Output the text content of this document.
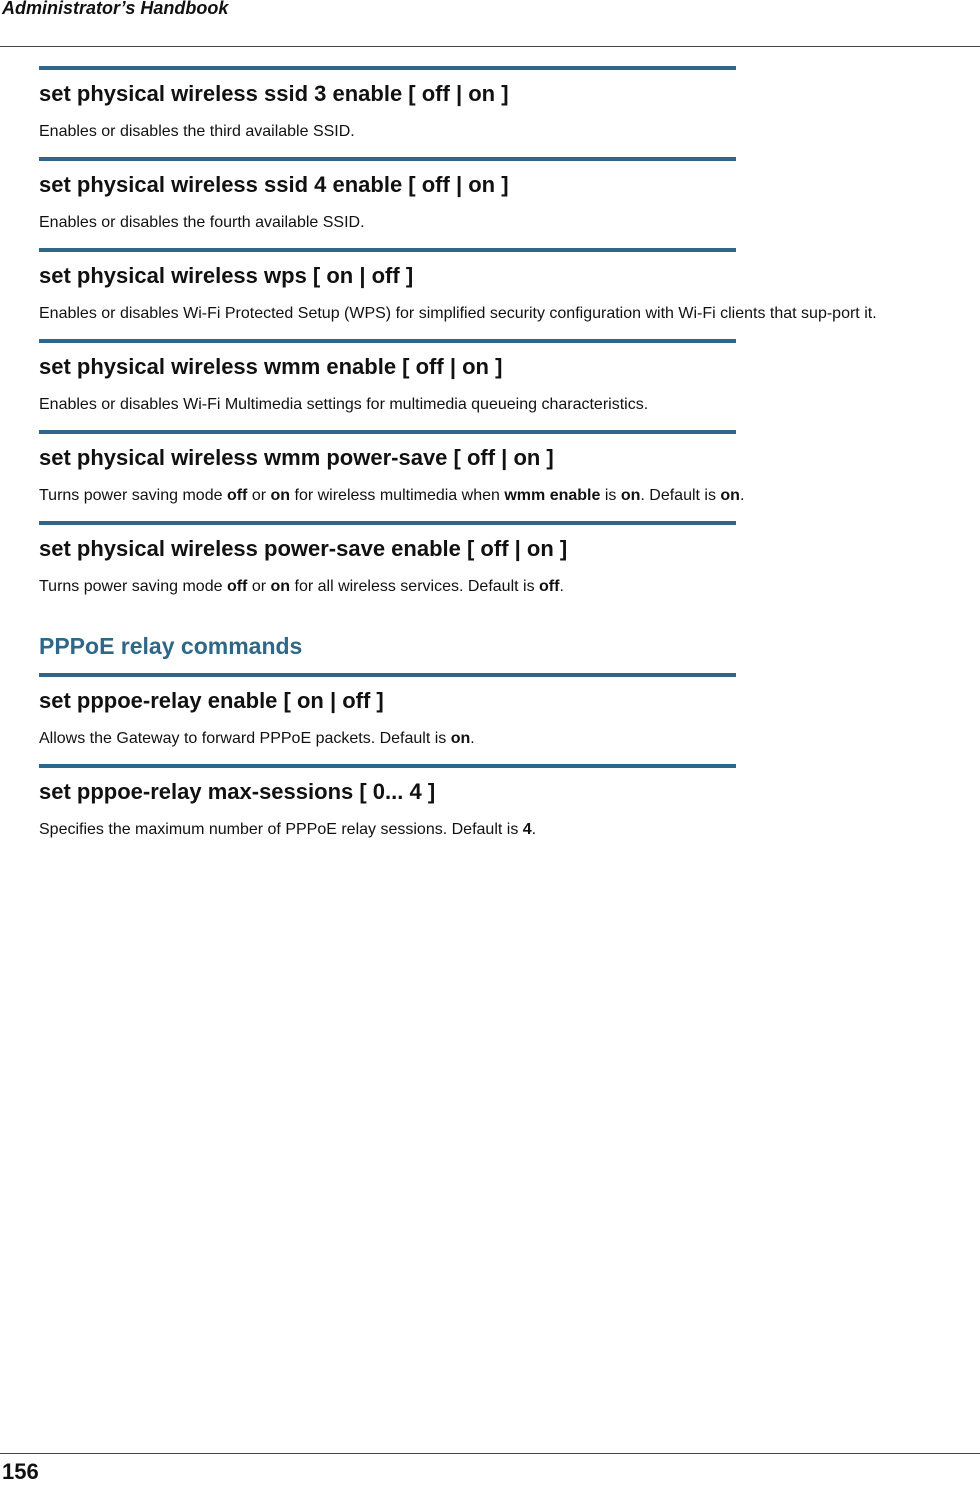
Administrator’s Handbook
set physical wireless ssid 3 enable [ off | on ]
Enables or disables the third available SSID.
set physical wireless ssid 4 enable [ off | on ]
Enables or disables the fourth available SSID.
set physical wireless wps [ on | off ]
Enables or disables Wi-Fi Protected Setup (WPS) for simplified security configuration with Wi-Fi clients that sup-port it.
set physical wireless wmm enable [ off | on ]
Enables or disables Wi-Fi Multimedia settings for multimedia queueing characteristics.
set physical wireless wmm power-save [ off | on ]
Turns power saving mode off or on for wireless multimedia when wmm enable is on. Default is on.
set physical wireless power-save enable [ off | on ]
Turns power saving mode off or on for all wireless services. Default is off.
PPPoE relay commands
set pppoe-relay enable [ on | off ]
Allows the Gateway to forward PPPoE packets. Default is on.
set pppoe-relay max-sessions [ 0... 4 ]
Specifies the maximum number of PPPoE relay sessions. Default is 4.
156
